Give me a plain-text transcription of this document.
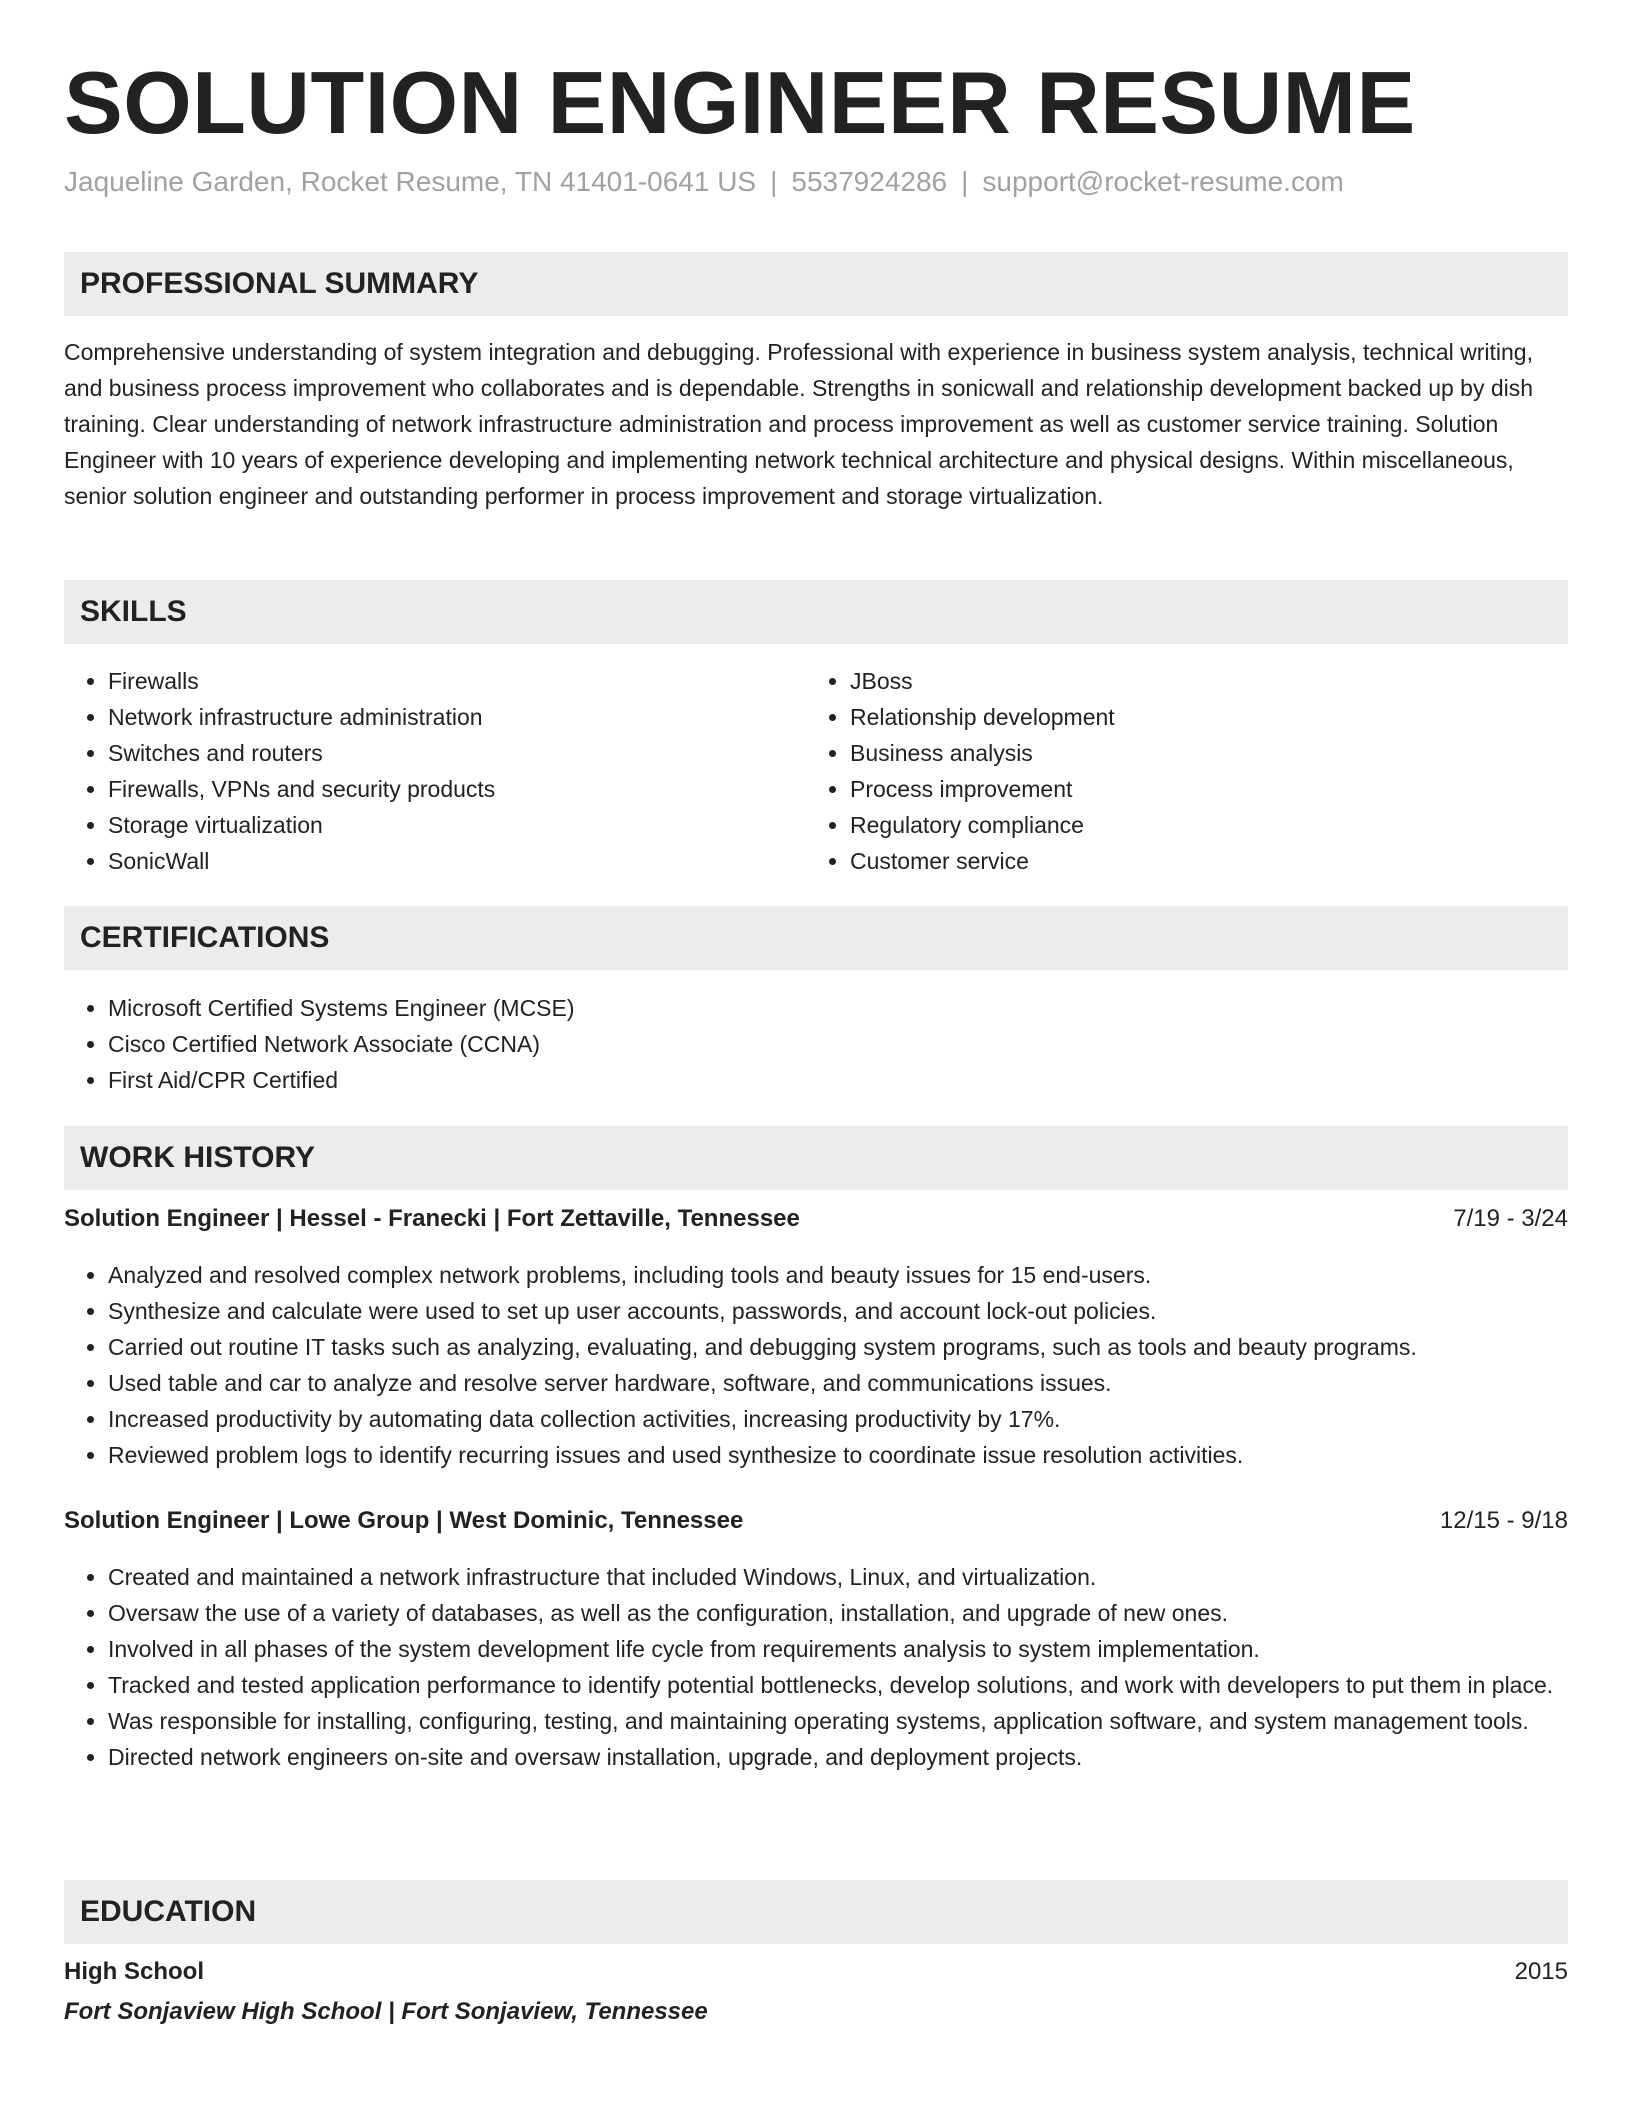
SOLUTION ENGINEER RESUME
Jaqueline Garden, Rocket Resume, TN 41401-0641 US | 5537924286 | support@rocket-resume.com
PROFESSIONAL SUMMARY

Comprehensive understanding of system integration and debugging. Professional with experience in business system analysis, technical writing, and business process improvement who collaborates and is dependable. Strengths in sonicwall and relationship development backed up by dish training. Clear understanding of network infrastructure administration and process improvement as well as customer service training. Solution Engineer with 10 years of experience developing and implementing network technical architecture and physical designs. Within miscellaneous, senior solution engineer and outstanding performer in process improvement and storage virtualization.

SKILLS
• Firewalls
• Network infrastructure administration
• Switches and routers
• Firewalls, VPNs and security products
• Storage virtualization
• SonicWall
• JBoss
• Relationship development
• Business analysis
• Process improvement
• Regulatory compliance
• Customer service
CERTIFICATIONS
• Microsoft Certified Systems Engineer (MCSE)
• Cisco Certified Network Associate (CCNA)
• First Aid/CPR Certified
WORK HISTORY
Solution Engineer | Hessel - Franecki | Fort Zettaville, Tennessee	7/19 - 3/24
• Analyzed and resolved complex network problems, including tools and beauty issues for 15 end-users.
• Synthesize and calculate were used to set up user accounts, passwords, and account lock-out policies.
• Carried out routine IT tasks such as analyzing, evaluating, and debugging system programs, such as tools and beauty programs.
• Used table and car to analyze and resolve server hardware, software, and communications issues.
• Increased productivity by automating data collection activities, increasing productivity by 17%.
• Reviewed problem logs to identify recurring issues and used synthesize to coordinate issue resolution activities.
Solution Engineer | Lowe Group | West Dominic, Tennessee	12/15 - 9/18
• Created and maintained a network infrastructure that included Windows, Linux, and virtualization.
• Oversaw the use of a variety of databases, as well as the configuration, installation, and upgrade of new ones.
• Involved in all phases of the system development life cycle from requirements analysis to system implementation.
• Tracked and tested application performance to identify potential bottlenecks, develop solutions, and work with developers to put them in place.
• Was responsible for installing, configuring, testing, and maintaining operating systems, application software, and system management tools.
• Directed network engineers on-site and oversaw installation, upgrade, and deployment projects.
EDUCATION
High School	2015
Fort Sonjaview High School | Fort Sonjaview, Tennessee
